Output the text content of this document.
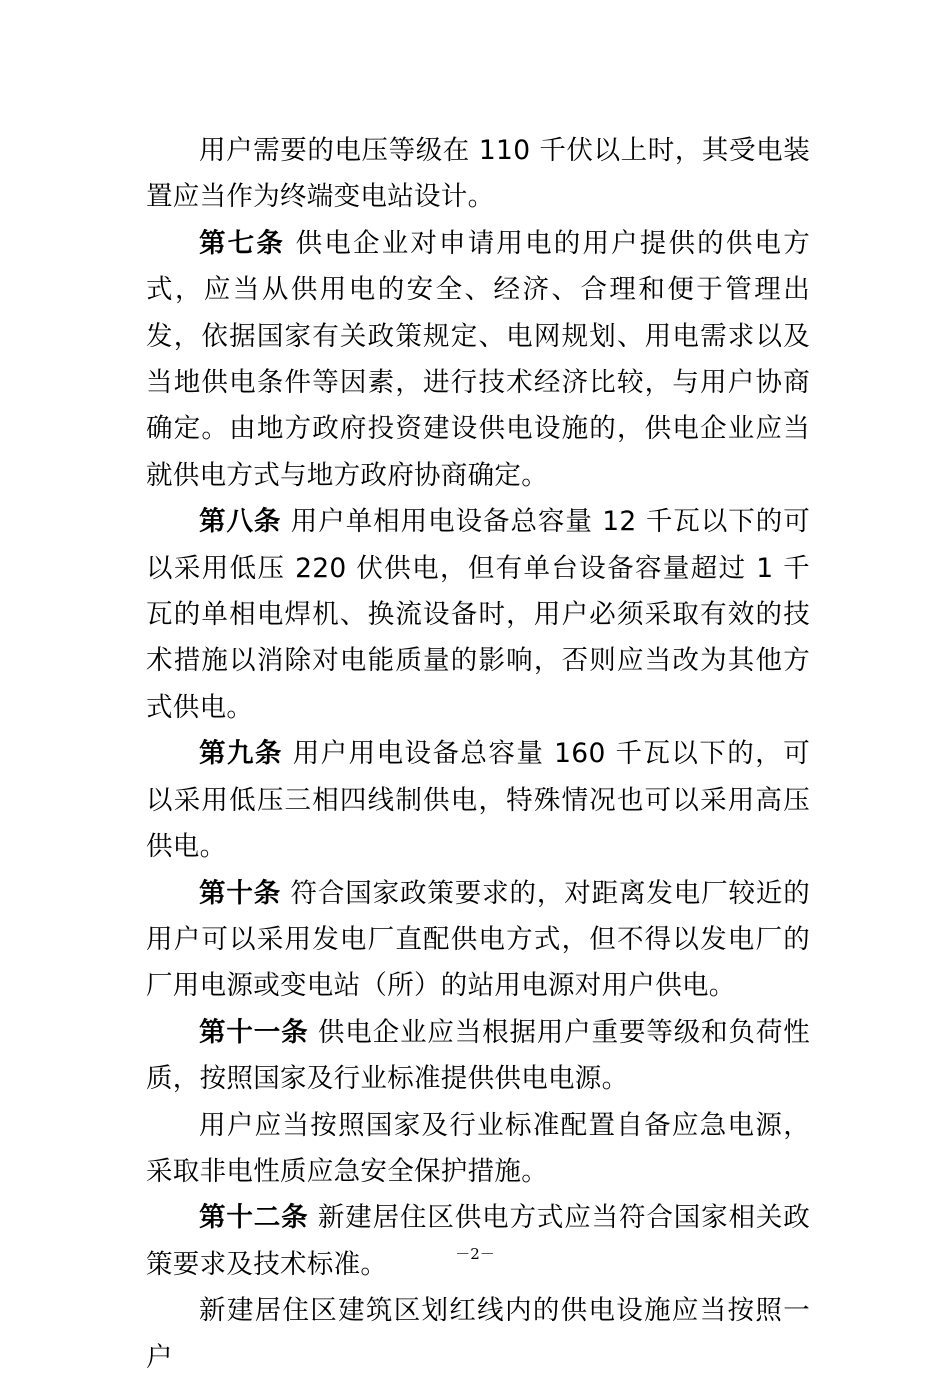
用户需要的电压等级在 110 千伏以上时，其受电装置应当作为终端变电站设计。

第七条 供电企业对申请用电的用户提供的供电方式，应当从供用电的安全、经济、合理和便于管理出发，依据国家有关政策规定、电网规划、用电需求以及当地供电条件等因素，进行技术经济比较，与用户协商确定。由地方政府投资建设供电设施的，供电企业应当就供电方式与地方政府协商确定。

第八条 用户单相用电设备总容量 12 千瓦以下的可以采用低压 220 伏供电，但有单台设备容量超过 1 千瓦的单相电焊机、换流设备时，用户必须采取有效的技术措施以消除对电能质量的影响，否则应当改为其他方式供电。

第九条 用户用电设备总容量 160 千瓦以下的，可以采用低压三相四线制供电，特殊情况也可以采用高压供电。

第十条 符合国家政策要求的，对距离发电厂较近的用户可以采用发电厂直配供电方式，但不得以发电厂的厂用电源或变电站（所）的站用电源对用户供电。

第十一条 供电企业应当根据用户重要等级和负荷性质，按照国家及行业标准提供供电电源。

用户应当按照国家及行业标准配置自备应急电源，采取非电性质应急安全保护措施。

第十二条 新建居住区供电方式应当符合国家相关政策要求及技术标准。

新建居住区建筑区划红线内的供电设施应当按照一户

－2－
